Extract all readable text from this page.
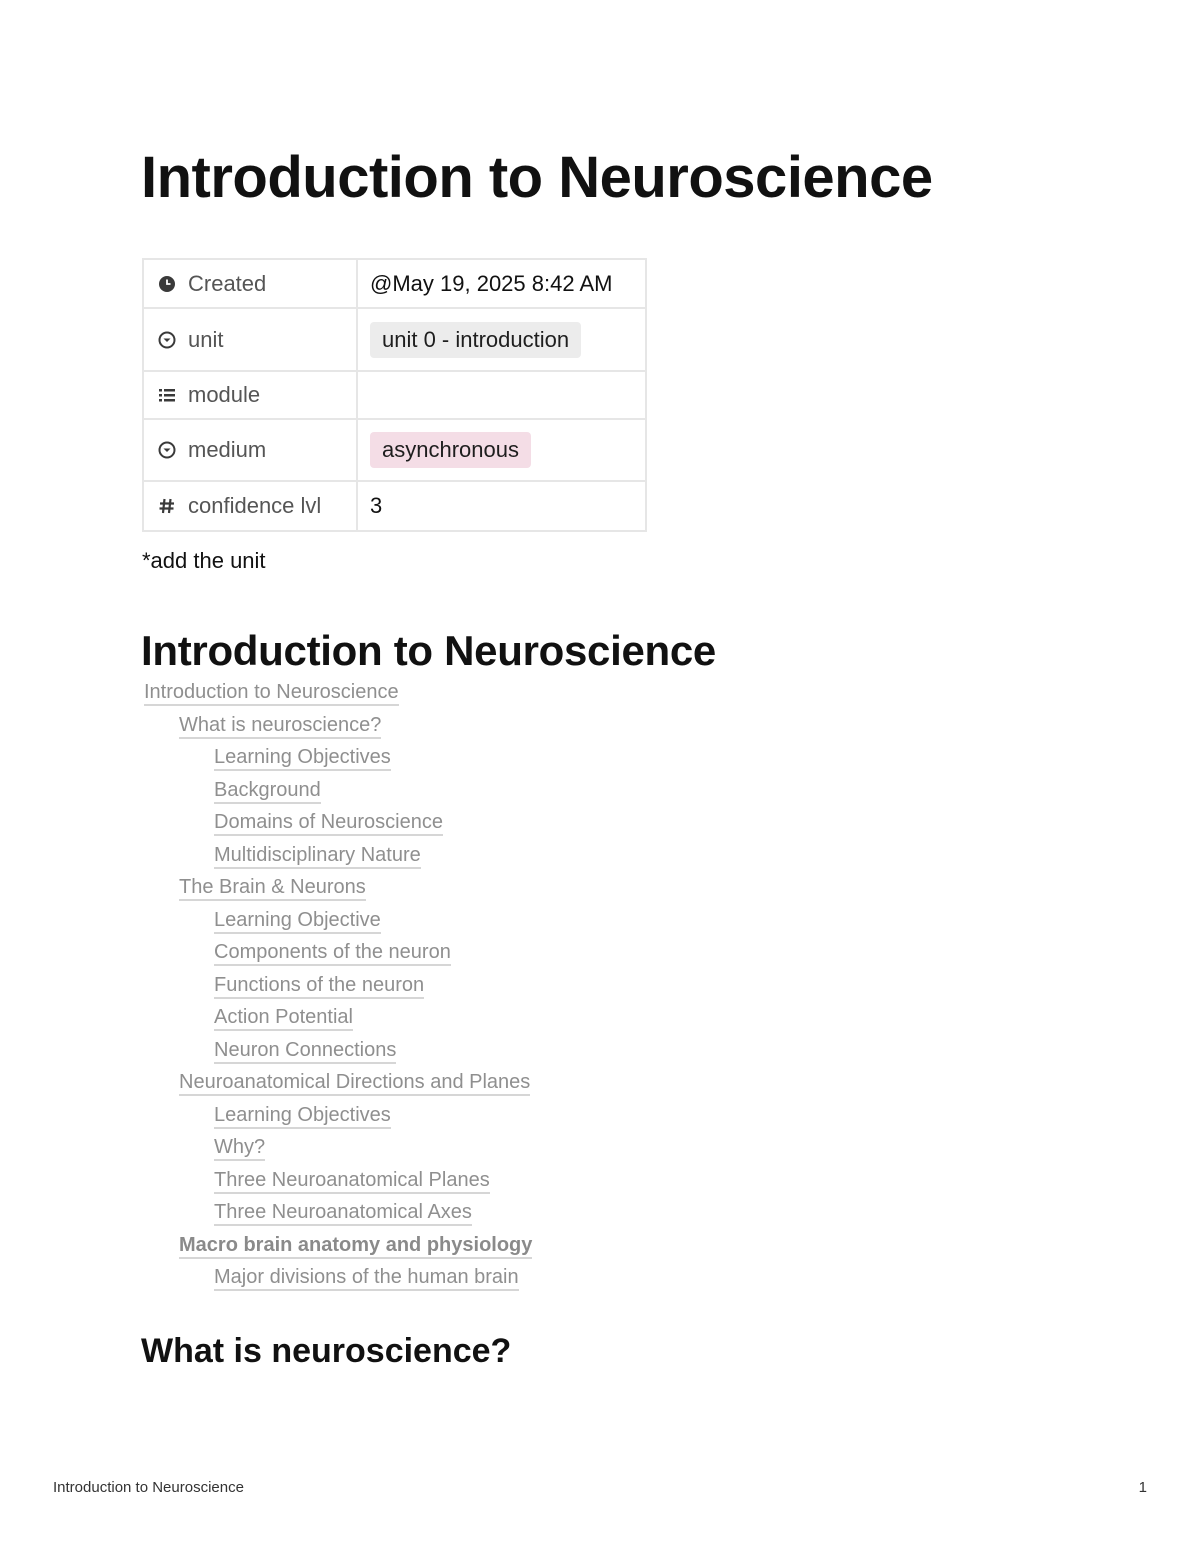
Introduction to Neuroscience
Created	@May 19, 2025 8:42 AM

unit	unit 0 - introduction

module	

medium	asynchronous

confidence lvl	3

*add the unit

Introduction to Neuroscience
Introduction to Neuroscience
What is neuroscience?
Learning Objectives
Background
Domains of Neuroscience
Multidisciplinary Nature
The Brain & Neurons
Learning Objective
Components of the neuron
Functions of the neuron
Action Potential
Neuron Connections
Neuroanatomical Directions and Planes
Learning Objectives
Why?
Three Neuroanatomical Planes
Three Neuroanatomical Axes
Macro brain anatomy and physiology
Major divisions of the human brain
What is neuroscience?
Introduction to Neuroscience	1
